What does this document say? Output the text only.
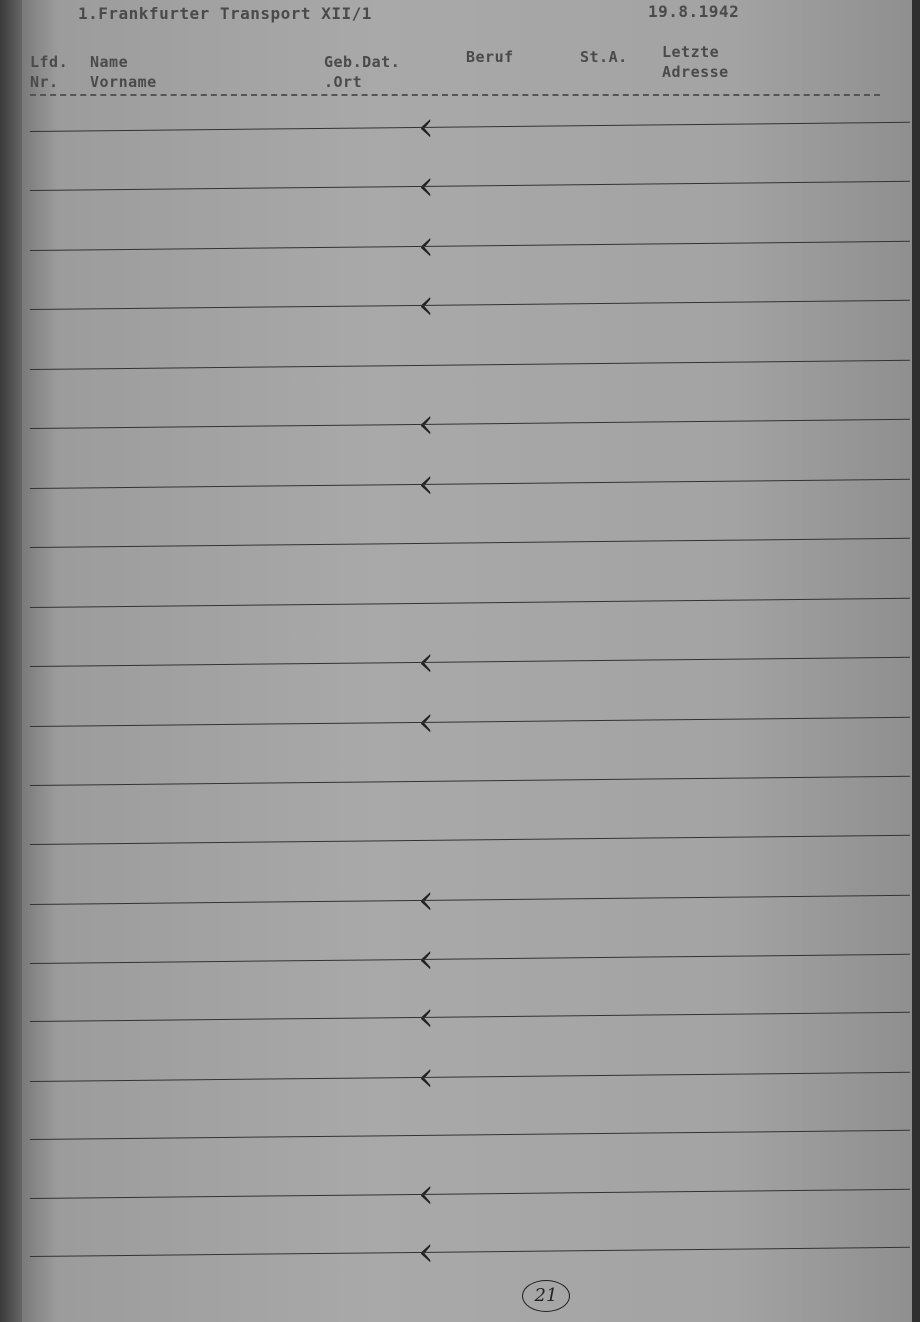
1.Frankfurter Transport XII/1	19.8.1942
Lfd.
Nr.
Name
Vorname
Geb.Dat.
.Ort
Beruf	St.A. Letzte
Adresse
‹
‹
‹
‹
‹
‹
‹
‹
‹
‹
‹
‹
‹
‹
21
